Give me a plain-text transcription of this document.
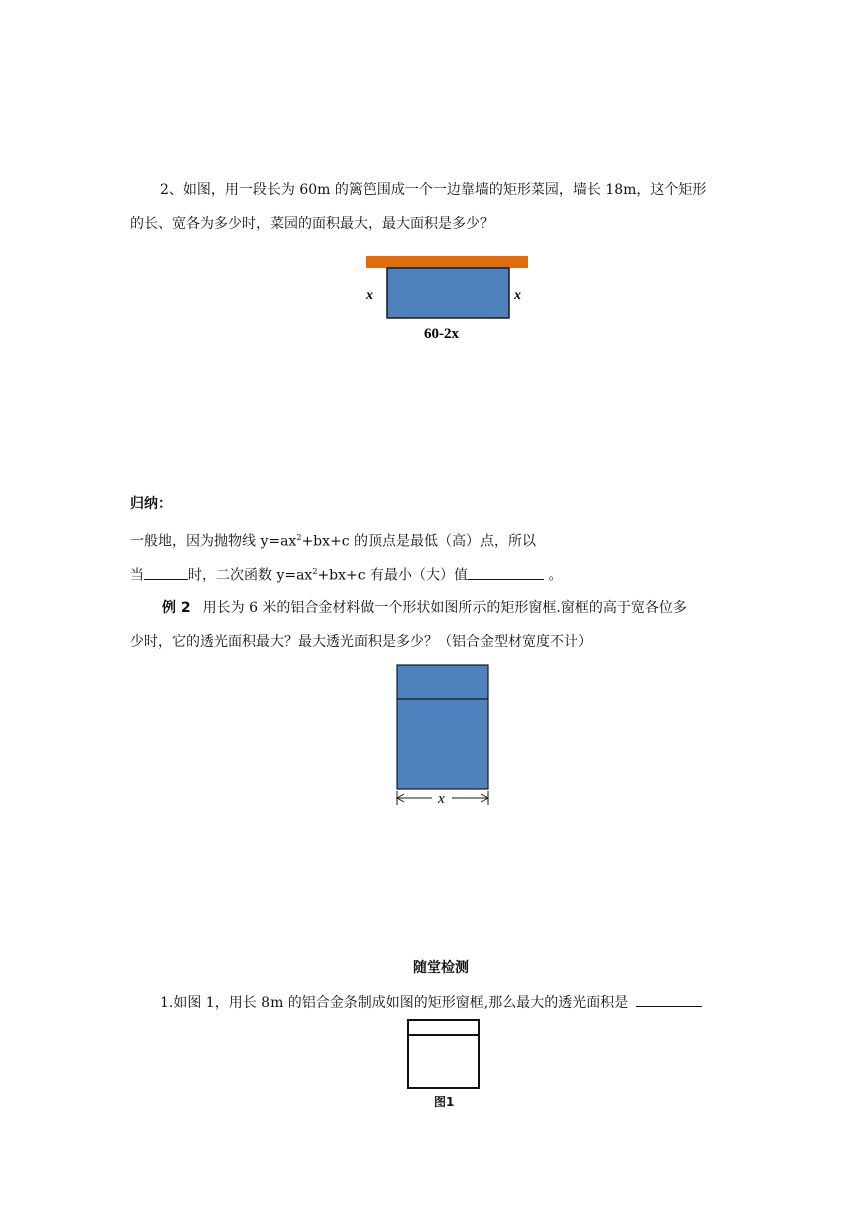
2、如图，用一段长为 60m 的篱笆围成一个一边靠墙的矩形菜园，墙长 18m，这个矩形
的长、宽各为多少时，菜园的面积最大，最大面积是多少？
x	x
60-2x
归纳：
一般地，因为抛物线 $y=ax^2+bx+c$ 的顶点是最低（高）点，所以
当	时，二次函数 $y=ax^2+bx+c$ 有最小（大）值	。
例 2 用长为 6 米的铝合金材料做一个形状如图所示的矩形窗框.窗框的高于宽各位多
少时，它的透光面积最大？最大透光面积是多少？（铝合金型材宽度不计）
x
随堂检测
1.如图 1，用长 8m 的铝合金条制成如图的矩形窗框,那么最大的透光面积是
图1
